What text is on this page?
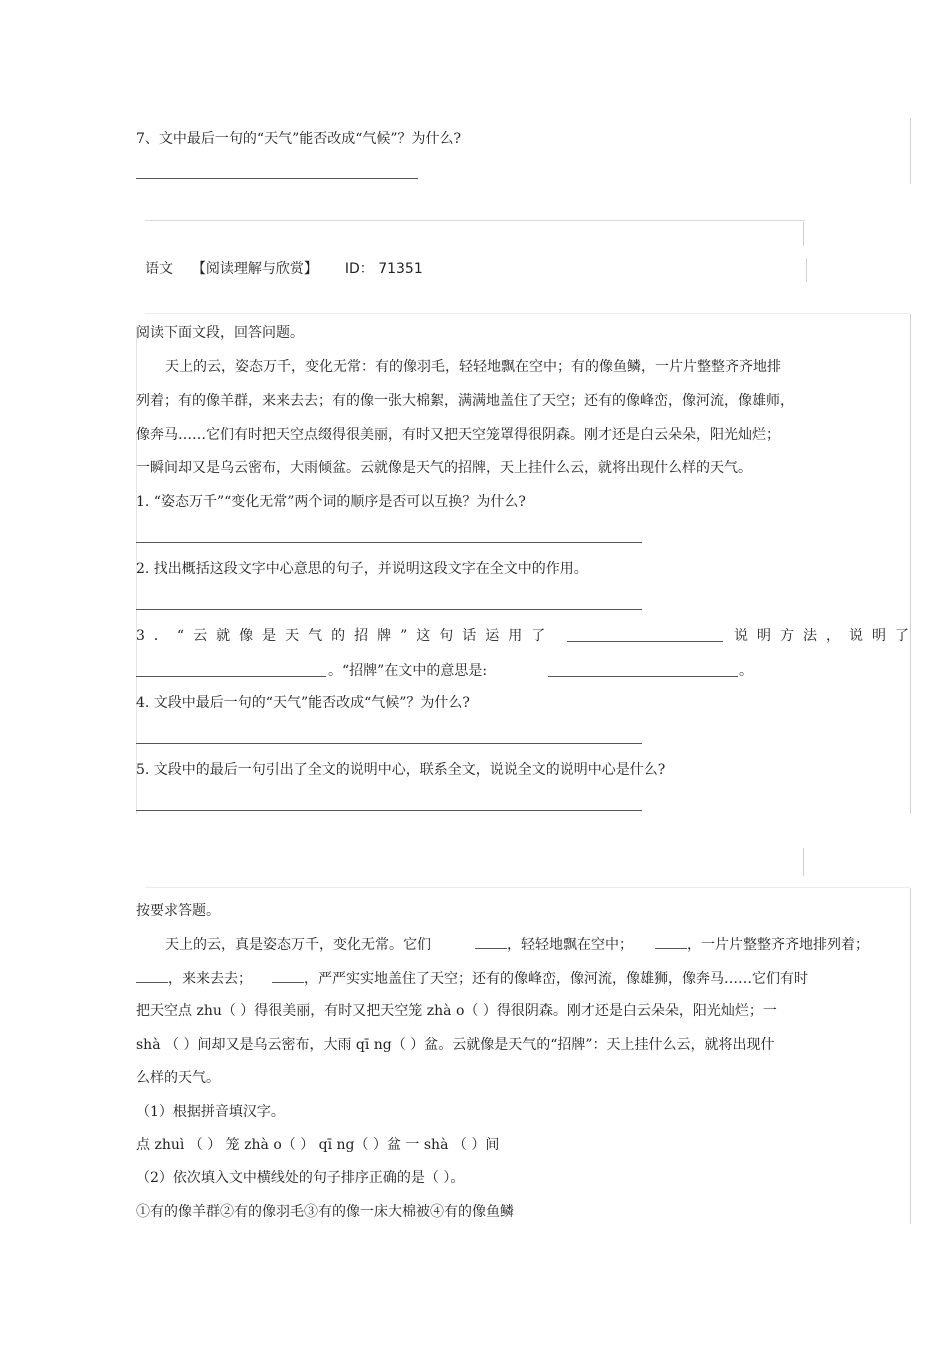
7、文中最后一句的“天气”能否改成“气候”？为什么?
语文 【阅读理解与欣赏】 ID： 71351
阅读下面文段，回答问题。
天上的云，姿态万千，变化无常：有的像羽毛，轻轻地飘在空中；有的像鱼鳞，一片片整整齐齐地排
列着；有的像羊群，来来去去；有的像一张大棉絮，满满地盖住了天空；还有的像峰峦，像河流，像雄师，
像奔马……它们有时把天空点缀得很美丽，有时又把天空笼罩得很阴森。刚才还是白云朵朵，阳光灿烂；
一瞬间却又是乌云密布，大雨倾盆。云就像是天气的招牌，天上挂什么云，就将出现什么样的天气。
1. “姿态万千”“变化无常”两个词的顺序是否可以互换？为什么?
2. 找出概括这段文字中心意思的句子，并说明这段文字在全文中的作用。
3．“云就像是天气的招牌”这句话运用了	说明方法，说明了
。“招牌”在文中的意思是:	。
4. 文段中最后一句的“天气”能否改成“气候”？为什么?
5. 文段中的最后一句引出了全文的说明中心，联系全文，说说全文的说明中心是什么?
按要求答题。
天上的云，真是姿态万千，变化无常。它们	，轻轻地飘在空中；	，一片片整整齐齐地排列着；
，来来去去；	，严严实实地盖住了天空；还有的像峰峦，像河流，像雄狮，像奔马……它们有时
把天空点 zhu（ ）得很美丽，有时又把天空笼 zhà o（ ）得很阴森。刚才还是白云朵朵，阳光灿烂；一
shà （ ）间却又是乌云密布，大雨 qī ng（ ）盆。云就像是天气的“招牌”：天上挂什么云，就将出现什
么样的天气。
（1）根据拼音填汉字。
点 zhuì （ ） 笼 zhà o（ ） qī ng（ ）盆 一 shà （ ）间
（2）依次填入文中横线处的句子排序正确的是（ ）。
①有的像羊群②有的像羽毛③有的像一床大棉被④有的像鱼鳞
